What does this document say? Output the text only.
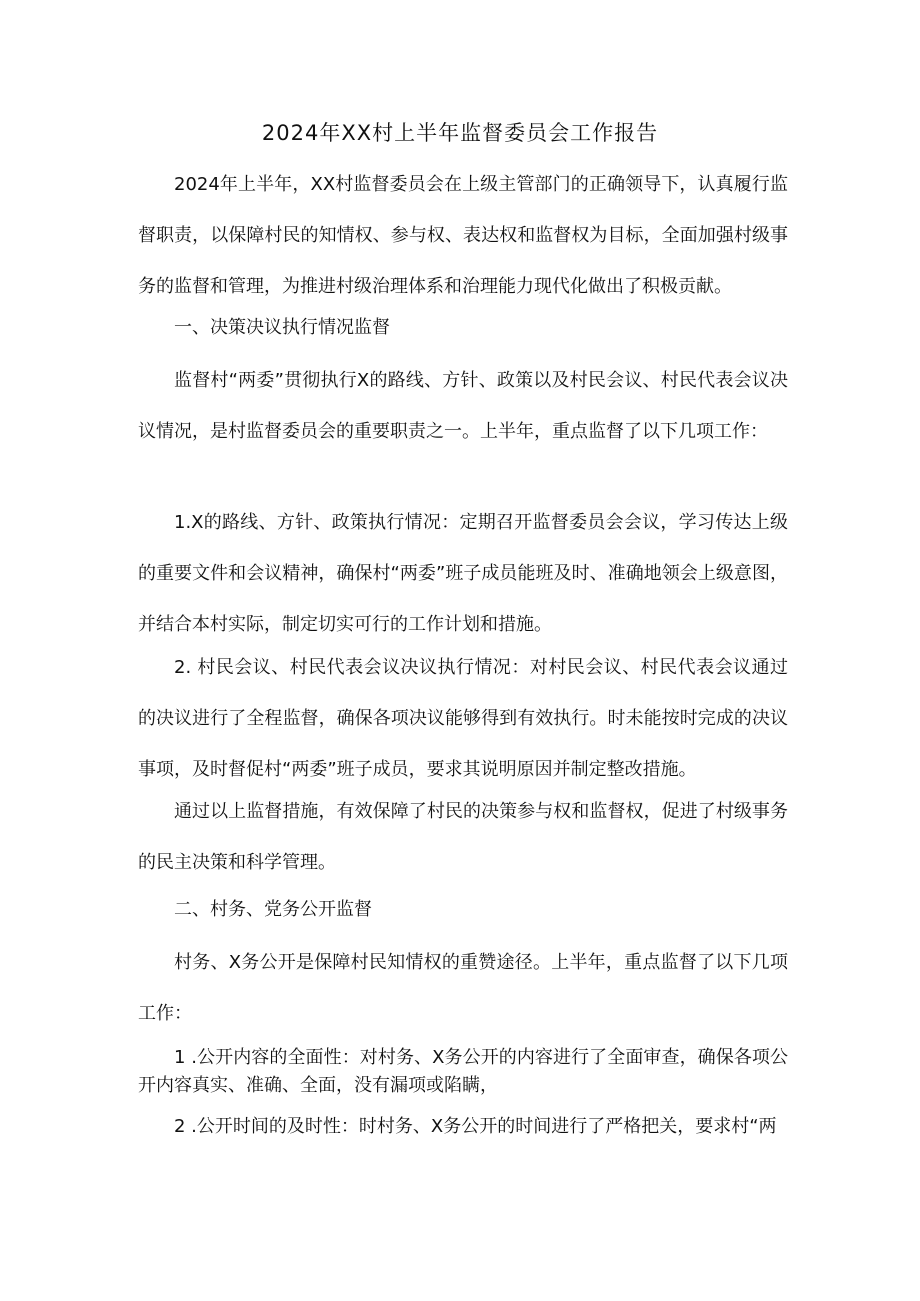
2024年XX村上半年监督委员会工作报告

2024年上半年，XX村监督委员会在上级主管部门的正确领导下，认真履行监督职责，以保障村民的知情权、参与权、表达权和监督权为目标，全面加强村级事务的监督和管理，为推进村级治理体系和治理能力现代化做出了积极贡献。

一、决策决议执行情况监督

监督村“两委”贯彻执行X的路线、方针、政策以及村民会议、村民代表会议决议情况，是村监督委员会的重要职责之一。上半年，重点监督了以下几项工作：

1.X的路线、方针、政策执行情况：定期召开监督委员会会议，学习传达上级的重要文件和会议精神，确保村“两委”班子成员能班及时、准确地领会上级意图，并结合本村实际，制定切实可行的工作计划和措施。

2. 村民会议、村民代表会议决议执行情况：对村民会议、村民代表会议通过的决议进行了全程监督，确保各项决议能够得到有效执行。时未能按时完成的决议事项，及时督促村“两委”班子成员，要求其说明原因并制定整改措施。

通过以上监督措施，有效保障了村民的决策参与权和监督权，促进了村级事务的民主决策和科学管理。

二、村务、党务公开监督

村务、X务公开是保障村民知情权的重赞途径。上半年，重点监督了以下几项工作：

1 .公开内容的全面性：对村务、X务公开的内容进行了全面审查，确保各项公开内容真实、准确、全面，没有漏项或陷瞒，

2 .公开时间的及时性：时村务、X务公开的时间进行了严格把关，要求村“两
